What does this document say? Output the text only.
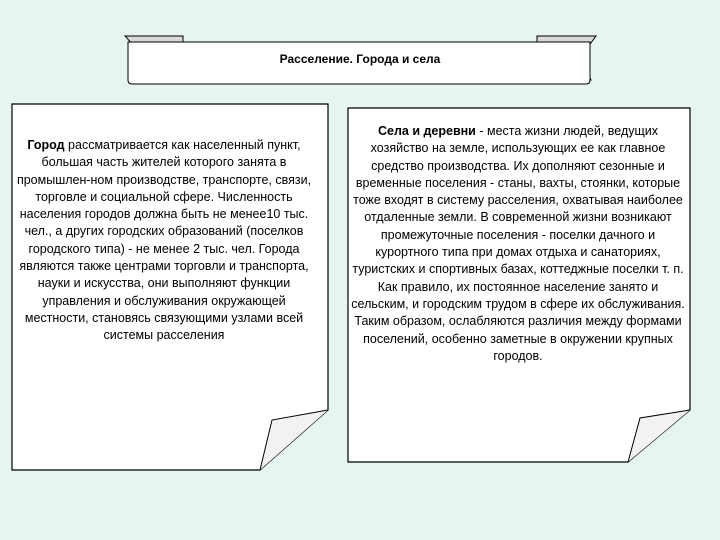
Расселение. Города и села
Город рассматривается как населенный пункт, большая часть жителей которого занята в промышлен-ном производстве, транспорте, связи, торговле и социальной сфере. Численность населения городов должна быть не менее10 тыс. чел., а других городских образований (поселков городского типа) - не менее 2 тыс. чел. Города являются также центрами торговли и транспорта, науки и искусства, они выполняют функции управления и обслуживания окружающей местности, становясь связующими узлами всей системы расселения
Села и деревни - места жизни людей, ведущих хозяйство на земле, использующих ее как главное средство производства. Их дополняют сезонные и временные поселения - станы, вахты, стоянки, которые тоже входят в систему расселения, охватывая наиболее отдаленные земли. В современной жизни возникают промежуточные поселения - поселки дачного и курортного типа при домах отдыха и санаториях, туристских и спортивных базах, коттеджные поселки т. п. Как правило, их постоянное население занято и сельским, и городским трудом в сфере их обслуживания. Таким образом, ослабляются различия между формами поселений, особенно заметные в окружении крупных городов.
